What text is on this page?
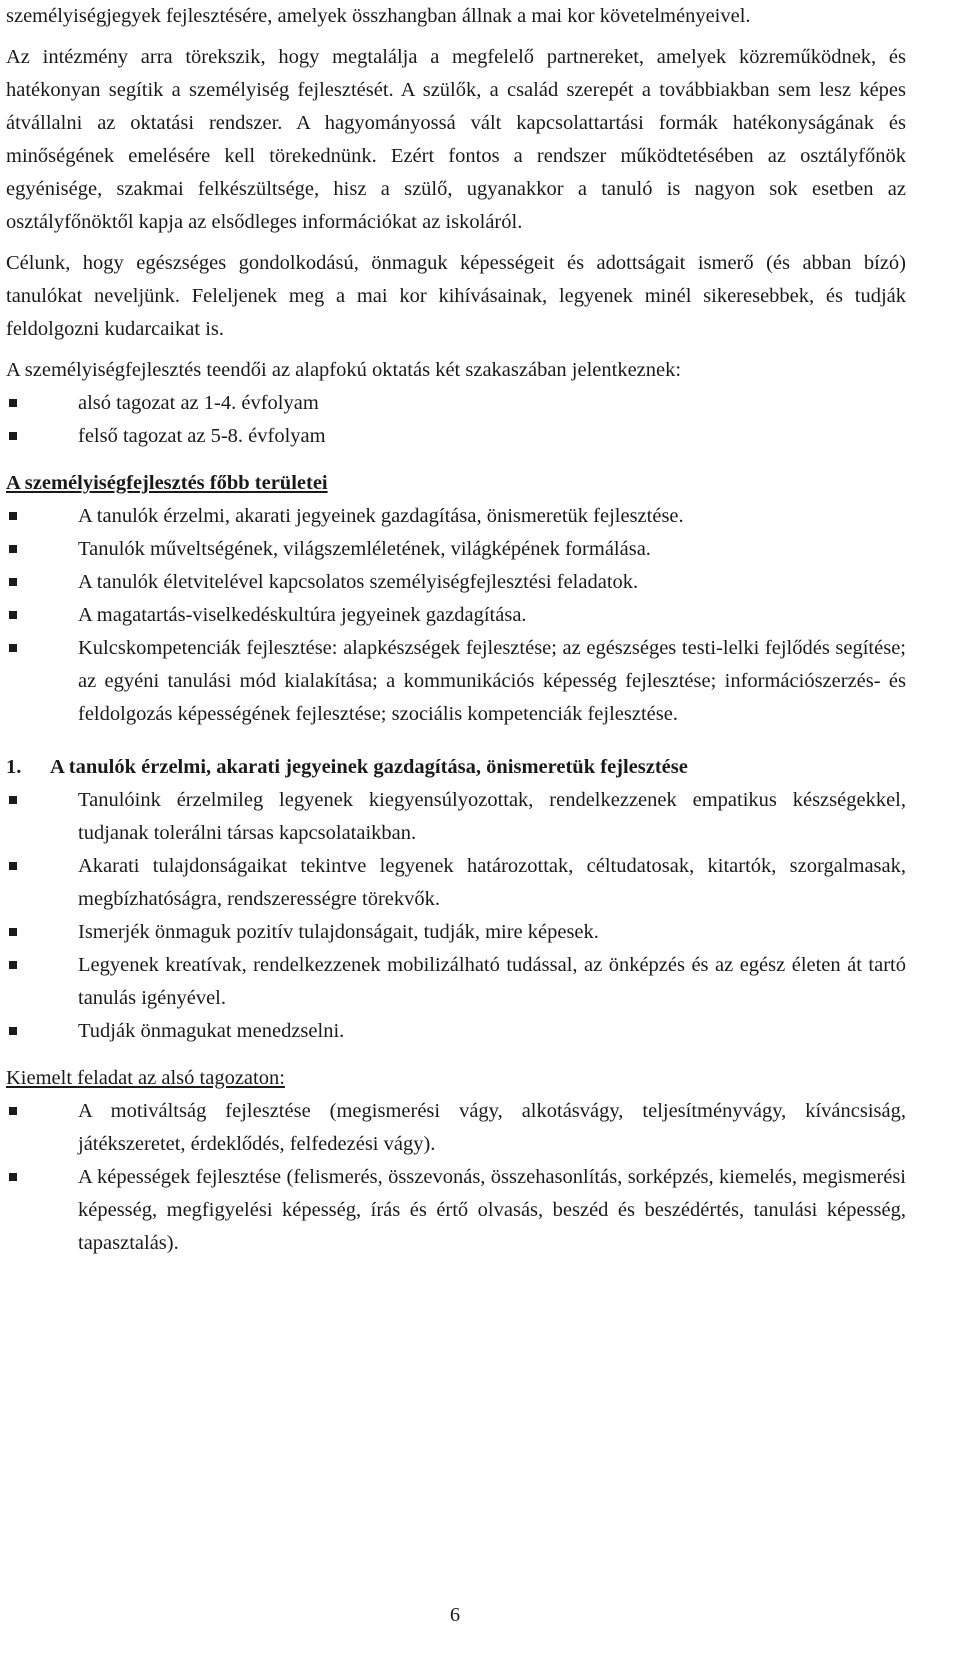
személyiségjegyek fejlesztésére, amelyek összhangban állnak a mai kor követelményeivel.

Az intézmény arra törekszik, hogy megtalálja a megfelelő partnereket, amelyek közreműködnek, és hatékonyan segítik a személyiség fejlesztését. A szülők, a család szerepét a továbbiakban sem lesz képes átvállalni az oktatási rendszer. A hagyományossá vált kapcsolattartási formák hatékonyságának és minőségének emelésére kell törekednünk. Ezért fontos a rendszer működtetésében az osztályfőnök egyénisége, szakmai felkészültsége, hisz a szülő, ugyanakkor a tanuló is nagyon sok esetben az osztályfőnöktől kapja az elsődleges információkat az iskoláról.

Célunk, hogy egészséges gondolkodású, önmaguk képességeit és adottságait ismerő (és abban bízó) tanulókat neveljünk. Feleljenek meg a mai kor kihívásainak, legyenek minél sikeresebbek, és tudják feldolgozni kudarcaikat is.

A személyiségfejlesztés teendői az alapfokú oktatás két szakaszában jelentkeznek:

alsó tagozat az 1-4. évfolyam
felső tagozat az 5-8. évfolyam

A személyiségfejlesztés főbb területei

A tanulók érzelmi, akarati jegyeinek gazdagítása, önismeretük fejlesztése.
Tanulók műveltségének, világszemléletének, világképének formálása.
A tanulók életvitelével kapcsolatos személyiségfejlesztési feladatok.
A magatartás-viselkedéskultúra jegyeinek gazdagítása.
Kulcskompetenciák fejlesztése: alapkészségek fejlesztése; az egészséges testi-lelki fejlődés segítése; az egyéni tanulási mód kialakítása; a kommunikációs képesség fejlesztése; információszerzés- és feldolgozás képességének fejlesztése; szociális kompetenciák fejlesztése.
1.	A tanulók érzelmi, akarati jegyeinek gazdagítása, önismeretük fejlesztése
Tanulóink érzelmileg legyenek kiegyensúlyozottak, rendelkezzenek empatikus készségekkel, tudjanak tolerálni társas kapcsolataikban.
Akarati tulajdonságaikat tekintve legyenek határozottak, céltudatosak, kitartók, szorgalmasak, megbízhatóságra, rendszerességre törekvők.
Ismerjék önmaguk pozitív tulajdonságait, tudják, mire képesek.
Legyenek kreatívak, rendelkezzenek mobilizálható tudással, az önképzés és az egész életen át tartó tanulás igényével.
Tudják önmagukat menedzselni.

Kiemelt feladat az alsó tagozaton:

A motiváltság fejlesztése (megismerési vágy, alkotásvágy, teljesítményvágy, kíváncsiság, játékszeretet, érdeklődés, felfedezési vágy).
A képességek fejlesztése (felismerés, összevonás, összehasonlítás, sorképzés, kiemelés, megismerési képesség, megfigyelési képesség, írás és értő olvasás, beszéd és beszédértés, tanulási képesség, tapasztalás).
6
